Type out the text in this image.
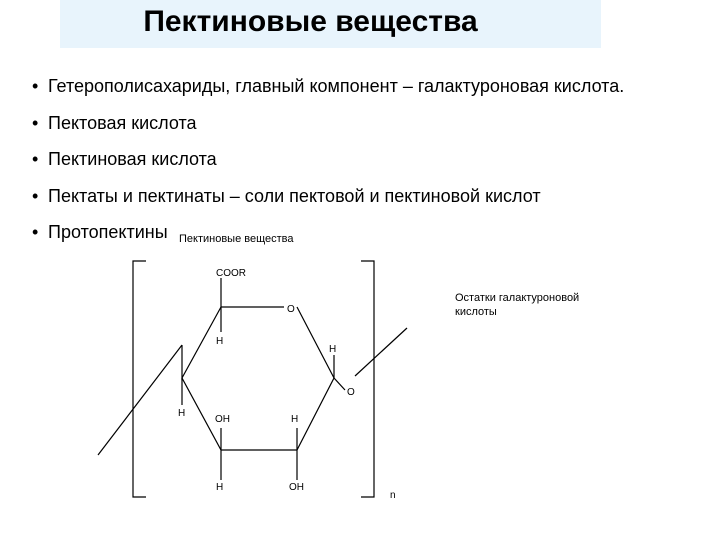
Пектиновые вещества
• Гетерополисахариды, главный компонент – галактуроновая кислота.
• Пектовая кислота
• Пектиновая кислота
• Пектаты и пектинаты – соли пектовой и пектиновой кислот
• Протопектины	Пектиновые вещества
Остатки галактуроновой
кислоты
COOR
O
H
H
O
H
OH	H
H	OH
n
